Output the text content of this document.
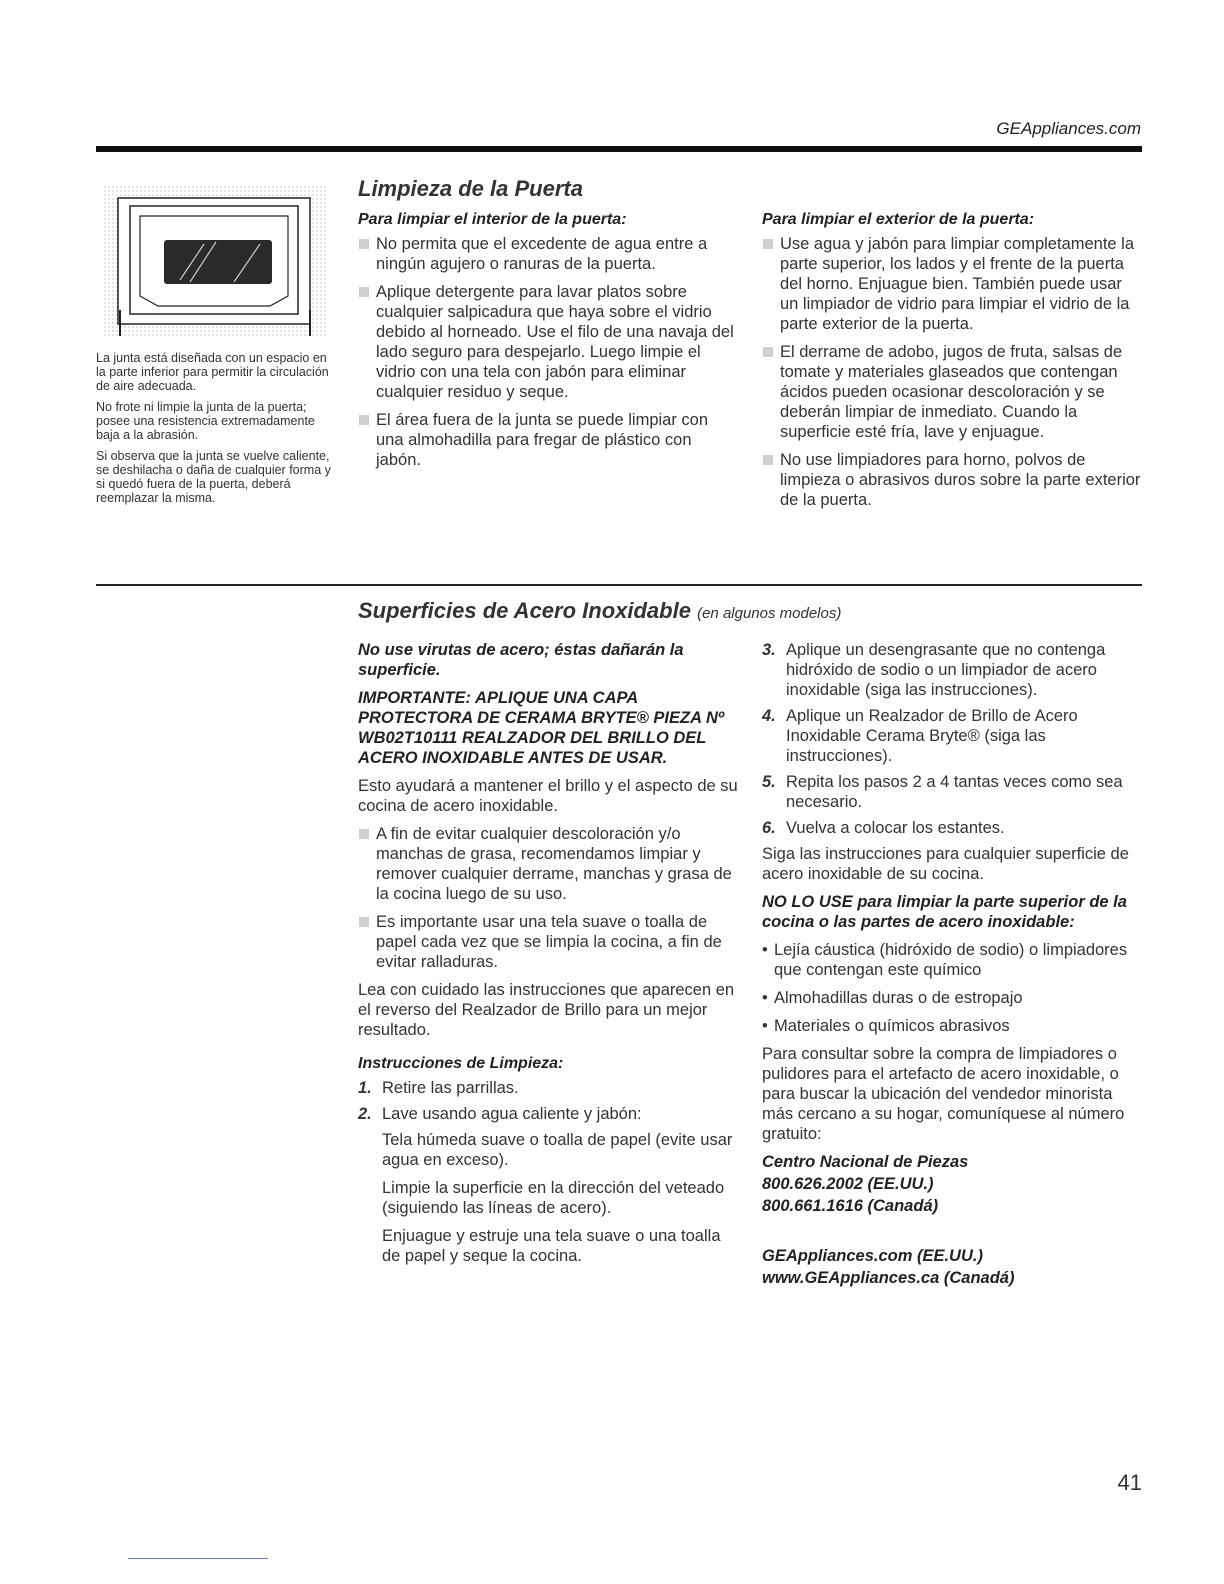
GEAppliances.com

La junta está diseñada con un espacio en la parte inferior para permitir la circulación de aire adecuada.

No frote ni limpie la junta de la puerta; posee una resistencia extremadamente baja a la abrasión.

Si observa que la junta se vuelve caliente, se deshilacha o daña de cualquier forma y si quedó fuera de la puerta, deberá reemplazar la misma.

Limpieza de la Puerta
Para limpiar el interior de la puerta:

No permita que el excedente de agua entre a ningún agujero o ranuras de la puerta.

Aplique detergente para lavar platos sobre cualquier salpicadura que haya sobre el vidrio debido al horneado. Use el filo de una navaja del lado seguro para despejarlo. Luego limpie el vidrio con una tela con jabón para eliminar cualquier residuo y seque.

El área fuera de la junta se puede limpiar con una almohadilla para fregar de plástico con jabón.

Para limpiar el exterior de la puerta:

Use agua y jabón para limpiar completamente la parte superior, los lados y el frente de la puerta del horno. Enjuague bien. También puede usar un limpiador de vidrio para limpiar el vidrio de la parte exterior de la puerta.

El derrame de adobo, jugos de fruta, salsas de tomate y materiales glaseados que contengan ácidos pueden ocasionar descoloración y se deberán limpiar de inmediato. Cuando la superficie esté fría, lave y enjuague.

No use limpiadores para horno, polvos de limpieza o abrasivos duros sobre la parte exterior de la puerta.

Superficies de Acero Inoxidable (en algunos modelos)

No use virutas de acero; éstas dañarán la superficie.

IMPORTANTE: APLIQUE UNA CAPA PROTECTORA DE CERAMA BRYTE® PIEZA Nº WB02T10111 REALZADOR DEL BRILLO DEL ACERO INOXIDABLE ANTES DE USAR.

Esto ayudará a mantener el brillo y el aspecto de su cocina de acero inoxidable.

A fin de evitar cualquier descoloración y/o manchas de grasa, recomendamos limpiar y remover cualquier derrame, manchas y grasa de la cocina luego de su uso.

Es importante usar una tela suave o toalla de papel cada vez que se limpia la cocina, a fin de evitar ralladuras.

Lea con cuidado las instrucciones que aparecen en el reverso del Realzador de Brillo para un mejor resultado.

Instrucciones de Limpieza:
1. Retire las parrillas.
2. Lave usando agua caliente y jabón:

Tela húmeda suave o toalla de papel (evite usar agua en exceso).

Limpie la superficie en la dirección del veteado (siguiendo las líneas de acero).

Enjuague y estruje una tela suave o una toalla de papel y seque la cocina.

3. Aplique un desengrasante que no contenga hidróxido de sodio o un limpiador de acero inoxidable (siga las instrucciones).
4. Aplique un Realzador de Brillo de Acero Inoxidable Cerama Bryte® (siga las instrucciones).
5. Repita los pasos 2 a 4 tantas veces como sea necesario.
6. Vuelva a colocar los estantes.

Siga las instrucciones para cualquier superficie de acero inoxidable de su cocina.

NO LO USE para limpiar la parte superior de la cocina o las partes de acero inoxidable:

• Lejía cáustica (hidróxido de sodio) o limpiadores que contengan este químico

• Almohadillas duras o de estropajo

• Materiales o químicos abrasivos

Para consultar sobre la compra de limpiadores o pulidores para el artefacto de acero inoxidable, o para buscar la ubicación del vendedor minorista más cercano a su hogar, comuníquese al número gratuito:

Centro Nacional de Piezas

800.626.2002 (EE.UU.)

800.661.1616 (Canadá)

GEAppliances.com (EE.UU.)

www.GEAppliances.ca (Canadá)

41
